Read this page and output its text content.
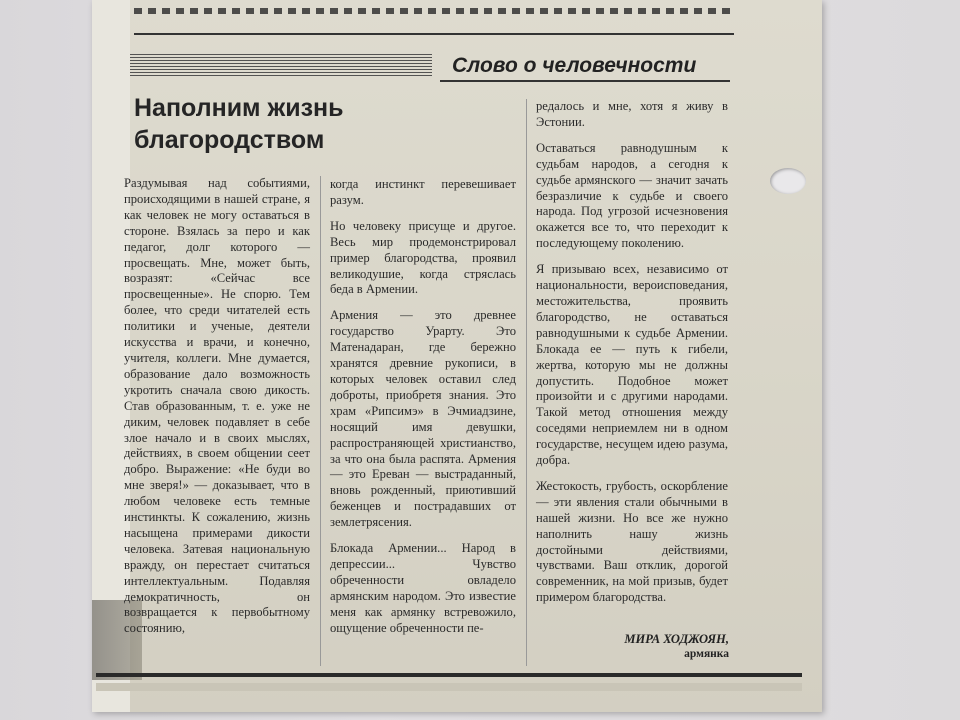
Слово о человечности
Наполним жизнь благородством

Раздумывая над событиями, происходящими в нашей стране, я как человек не могу оставаться в стороне. Взялась за перо и как педагог, долг которого — просвещать. Мне, может быть, возразят: «Сейчас все просвещенные». Не спорю. Тем более, что среди читателей есть политики и ученые, деятели искусства и врачи, и конечно, учителя, коллеги. Мне думается, образование дало возможность укротить сначала свою дикость. Став образованным, т. е. уже не диким, человек подавляет в себе злое начало и в своих мыслях, действиях, в своем общении сеет добро. Выражение: «Не буди во мне зверя!» — доказывает, что в любом человеке есть темные инстинкты. К сожалению, жизнь насыщена примерами дикости человека. Затевая национальную вражду, он перестает считаться интеллектуальным. Подавляя демократичность, он возвращается к первобытному состоянию,

когда инстинкт перевешивает разум.

Но человеку присуще и другое. Весь мир продемонстрировал пример благородства, проявил великодушие, когда стряслась беда в Армении.

Армения — это древнее государство Урарту. Это Матенадаран, где бережно хранятся древние рукописи, в которых человек оставил след доброты, приобретя знания. Это храм «Рипсимэ» в Эчмиадзине, носящий имя девушки, распространяющей христианство, за что она была распята. Армения — это Ереван — выстраданный, вновь рожденный, приютивший беженцев и пострадавших от землетрясения.

Блокада Армении... Народ в депрессии... Чувство обреченности овладело армянским народом. Это известие меня как армянку встревожило, ощущение обреченности пе-

редалось и мне, хотя я живу в Эстонии.

Оставаться равнодушным к судьбам народов, а сегодня к судьбе армянского — значит зачать безразличие к судьбе и своего народа. Под угрозой исчезновения окажется все то, что переходит к последующему поколению.

Я призываю всех, независимо от национальности, вероисповедания, местожительства, проявить благородство, не оставаться равнодушными к судьбе Армении. Блокада ее — путь к гибели, жертва, которую мы не должны допустить. Подобное может произойти и с другими народами. Такой метод отношения между соседями неприемлем ни в одном государстве, несущем идею разума, добра.

Жестокость, грубость, оскорбление — эти явления стали обычными в нашей жизни. Но все же нужно наполнить нашу жизнь достойными действиями, чувствами. Ваш отклик, дорогой современник, на мой призыв, будет примером благородства.

МИРА ХОДЖОЯН,
армянка
